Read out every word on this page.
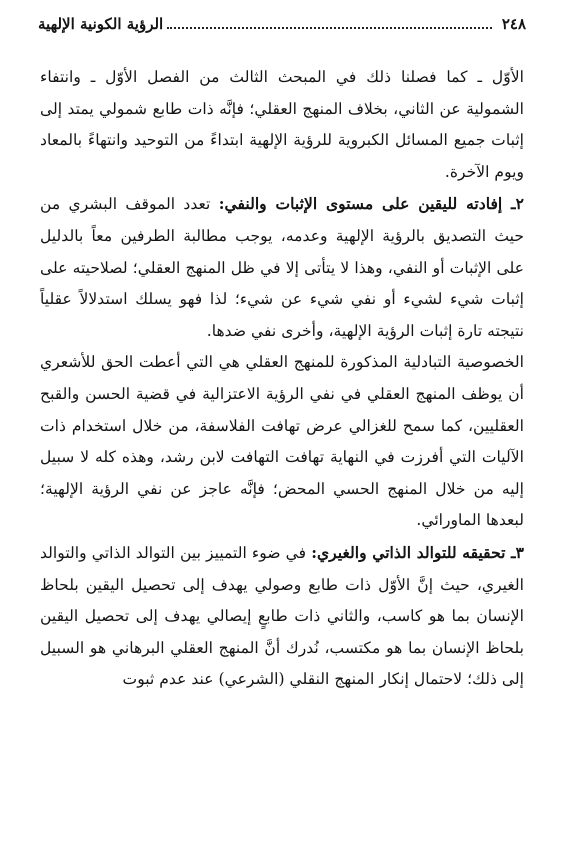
٢٤٨
الرؤية الكونية الإلهية

الأوّل ـ كما فصلنا ذلك في المبحث الثالث من الفصل الأوّل ـ وانتفاء الشمولية عن الثاني، بخلاف المنهج العقلي؛ فإنَّه ذات طابع شمولي يمتد إلى إثبات جميع المسائل الكبروية للرؤية الإلهية ابتداءً من التوحيد وانتهاءً بالمعاد ويوم الآخرة.

٢ـ إفادته لليقين على مستوى الإثبات والنفي: تعدد الموقف البشري من حيث التصديق بالرؤية الإلهية وعدمه، يوجب مطالبة الطرفين معاً بالدليل على الإثبات أو النفي، وهذا لا يتأتى إلا في ظل المنهج العقلي؛ لصلاحيته على إثبات شيء لشيء أو نفي شيء عن شيء؛ لذا فهو يسلك استدلالاً عقلياً نتيجته تارة إثبات الرؤية الإلهية، وأخرى نفي ضدها.

الخصوصية التبادلية المذكورة للمنهج العقلي هي التي أعطت الحق للأشعري أن يوظف المنهج العقلي في نفي الرؤية الاعتزالية في قضية الحسن والقبح العقليين، كما سمح للغزالي عرض تهافت الفلاسفة، من خلال استخدام ذات الآليات التي أفرزت في النهاية تهافت التهافت لابن رشد، وهذه كله لا سبيل إليه من خلال المنهج الحسي المحض؛ فإنَّه عاجز عن نفي الرؤية الإلهية؛ لبعدها الماورائي.

٣ـ تحقيقه للتوالد الذاتي والغيري: في ضوء التمييز بين التوالد الذاتي والتوالد الغيري، حيث إنَّ الأوّل ذات طابع وصولي يهدف إلى تحصيل اليقين بلحاظ الإنسان بما هو كاسب، والثاني ذات طابعٍ إيصالي يهدف إلى تحصيل اليقين بلحاظ الإنسان بما هو مكتسب، نُدرك أنَّ المنهج العقلي البرهاني هو السبيل إلى ذلك؛ لاحتمال إنكار المنهج النقلي (الشرعي) عند عدم ثبوت
